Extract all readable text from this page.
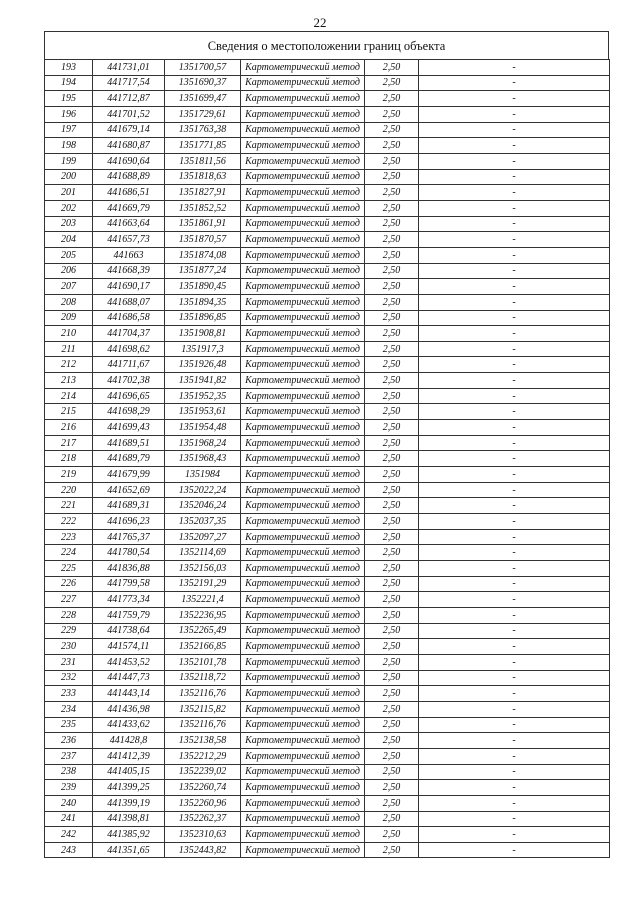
22
Сведения о местоположении границ объекта
193	441731,01	1351700,57	Картометрический метод	2,50	-
194	441717,54	1351690,37	Картометрический метод	2,50	-
195	441712,87	1351699,47	Картометрический метод	2,50	-
196	441701,52	1351729,61	Картометрический метод	2,50	-
197	441679,14	1351763,38	Картометрический метод	2,50	-
198	441680,87	1351771,85	Картометрический метод	2,50	-
199	441690,64	1351811,56	Картометрический метод	2,50	-
200	441688,89	1351818,63	Картометрический метод	2,50	-
201	441686,51	1351827,91	Картометрический метод	2,50	-
202	441669,79	1351852,52	Картометрический метод	2,50	-
203	441663,64	1351861,91	Картометрический метод	2,50	-
204	441657,73	1351870,57	Картометрический метод	2,50	-
205	441663	1351874,08	Картометрический метод	2,50	-
206	441668,39	1351877,24	Картометрический метод	2,50	-
207	441690,17	1351890,45	Картометрический метод	2,50	-
208	441688,07	1351894,35	Картометрический метод	2,50	-
209	441686,58	1351896,85	Картометрический метод	2,50	-
210	441704,37	1351908,81	Картометрический метод	2,50	-
211	441698,62	1351917,3	Картометрический метод	2,50	-
212	441711,67	1351926,48	Картометрический метод	2,50	-
213	441702,38	1351941,82	Картометрический метод	2,50	-
214	441696,65	1351952,35	Картометрический метод	2,50	-
215	441698,29	1351953,61	Картометрический метод	2,50	-
216	441699,43	1351954,48	Картометрический метод	2,50	-
217	441689,51	1351968,24	Картометрический метод	2,50	-
218	441689,79	1351968,43	Картометрический метод	2,50	-
219	441679,99	1351984	Картометрический метод	2,50	-
220	441652,69	1352022,24	Картометрический метод	2,50	-
221	441689,31	1352046,24	Картометрический метод	2,50	-
222	441696,23	1352037,35	Картометрический метод	2,50	-
223	441765,37	1352097,27	Картометрический метод	2,50	-
224	441780,54	1352114,69	Картометрический метод	2,50	-
225	441836,88	1352156,03	Картометрический метод	2,50	-
226	441799,58	1352191,29	Картометрический метод	2,50	-
227	441773,34	1352221,4	Картометрический метод	2,50	-
228	441759,79	1352236,95	Картометрический метод	2,50	-
229	441738,64	1352265,49	Картометрический метод	2,50	-
230	441574,11	1352166,85	Картометрический метод	2,50	-
231	441453,52	1352101,78	Картометрический метод	2,50	-
232	441447,73	1352118,72	Картометрический метод	2,50	-
233	441443,14	1352116,76	Картометрический метод	2,50	-
234	441436,98	1352115,82	Картометрический метод	2,50	-
235	441433,62	1352116,76	Картометрический метод	2,50	-
236	441428,8	1352138,58	Картометрический метод	2,50	-
237	441412,39	1352212,29	Картометрический метод	2,50	-
238	441405,15	1352239,02	Картометрический метод	2,50	-
239	441399,25	1352260,74	Картометрический метод	2,50	-
240	441399,19	1352260,96	Картометрический метод	2,50	-
241	441398,81	1352262,37	Картометрический метод	2,50	-
242	441385,92	1352310,63	Картометрический метод	2,50	-
243	441351,65	1352443,82	Картометрический метод	2,50	-
